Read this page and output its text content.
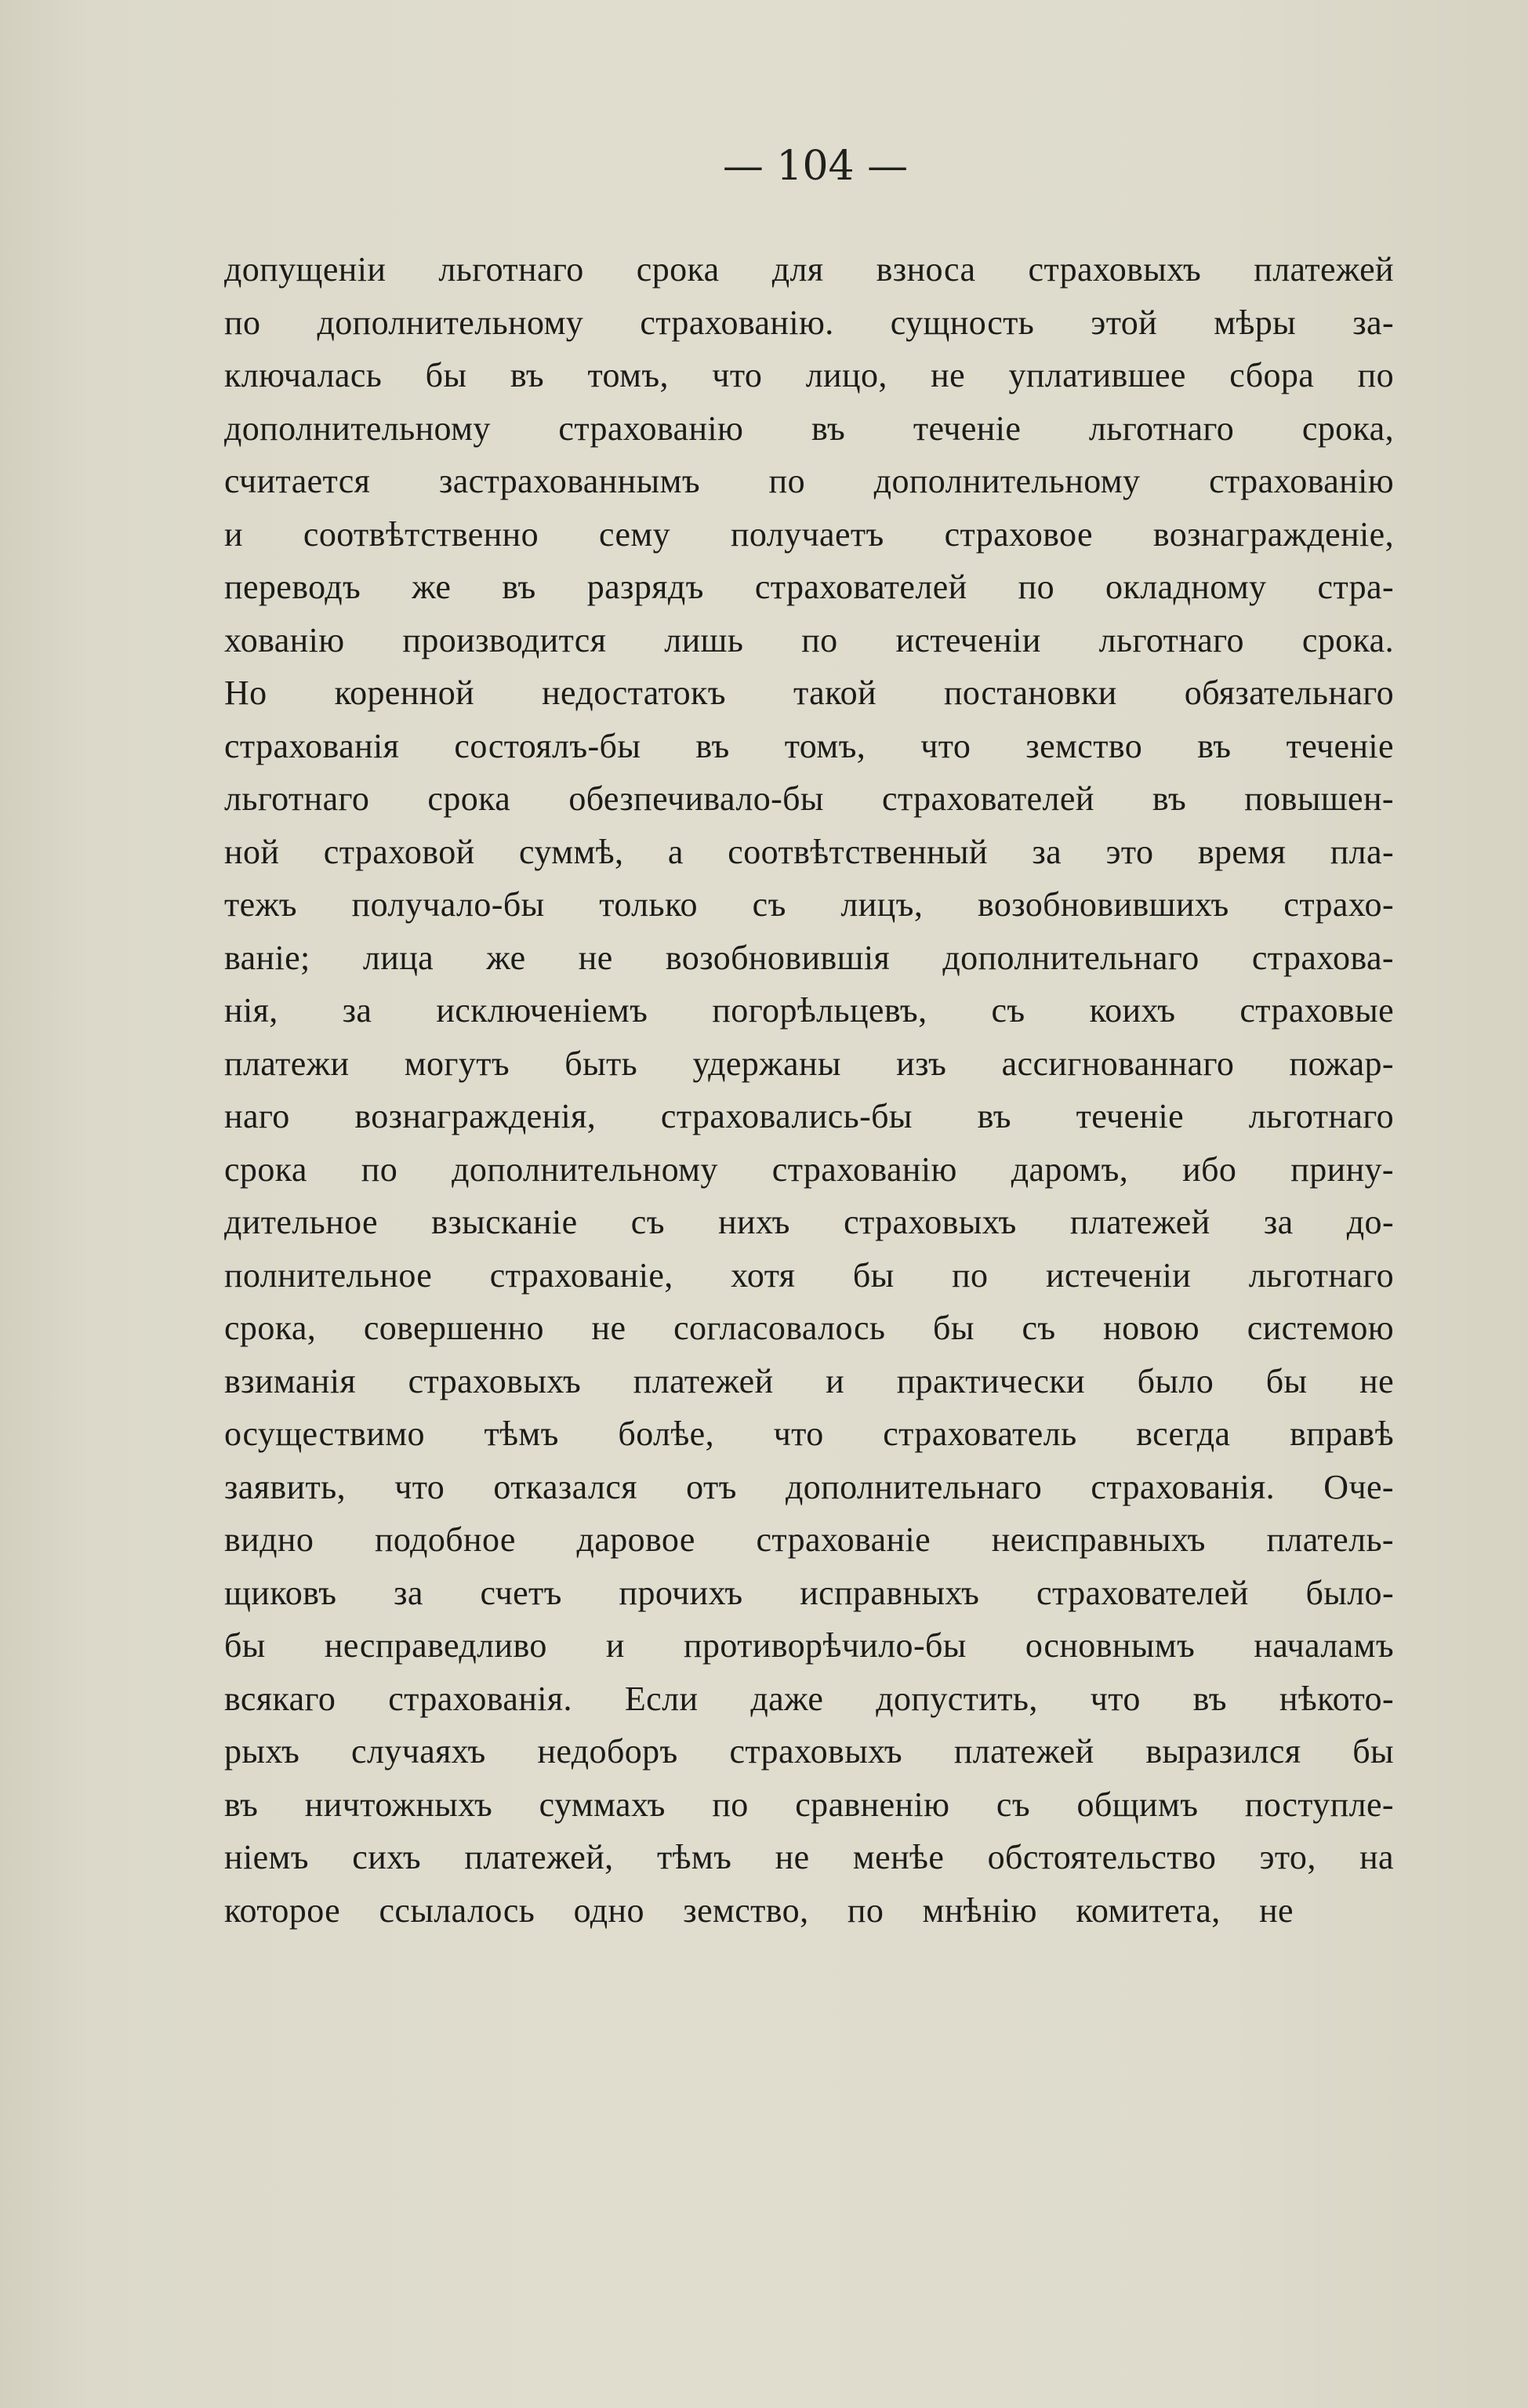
— 104 —
допущеніи льготнаго срока для взноса страховыхъ платежей
по дополнительному страхованію. сущность этой мѣры за-
ключалась бы въ томъ, что лицо, не уплатившее сбора по
дополнительному страхованію въ теченіе льготнаго срока,
считается застрахованнымъ по дополнительному страхованію
и соотвѣтственно сему получаетъ страховое вознагражденіе,
переводъ же въ разрядъ страхователей по окладному стра-
хованію производится лишь по истеченіи льготнаго срока.
Но коренной недостатокъ такой постановки обязательнаго
страхованія состоялъ-бы въ томъ, что земство въ теченіе
льготнаго срока обезпечивало-бы страхователей въ повышен-
ной страховой суммѣ, а соотвѣтственный за это время пла-
тежъ получало-бы только съ лицъ, возобновившихъ страхо-
ваніе; лица же не возобновившія дополнительнаго страхова-
нія, за исключеніемъ погорѣльцевъ, съ коихъ страховые
платежи могутъ быть удержаны изъ ассигнованнаго пожар-
наго вознагражденія, страховались-бы въ теченіе льготнаго
срока по дополнительному страхованію даромъ, ибо прину-
дительное взысканіе съ нихъ страховыхъ платежей за до-
полнительное страхованіе, хотя бы по истеченіи льготнаго
срока, совершенно не согласовалось бы съ новою системою
взиманія страховыхъ платежей и практически было бы не
осуществимо тѣмъ болѣе, что страхователь всегда вправѣ
заявить, что отказался отъ дополнительнаго страхованія. Оче-
видно подобное даровое страхованіе неисправныхъ платель-
щиковъ за счетъ прочихъ исправныхъ страхователей было-
бы несправедливо и противорѣчило-бы основнымъ началамъ
всякаго страхованія. Если даже допустить, что въ нѣкото-
рыхъ случаяхъ недоборъ страховыхъ платежей выразился бы
въ ничтожныхъ суммахъ по сравненію съ общимъ поступле-
ніемъ сихъ платежей, тѣмъ не менѣе обстоятельство это, на
которое ссылалось одно земство, по мнѣнію комитета, не
